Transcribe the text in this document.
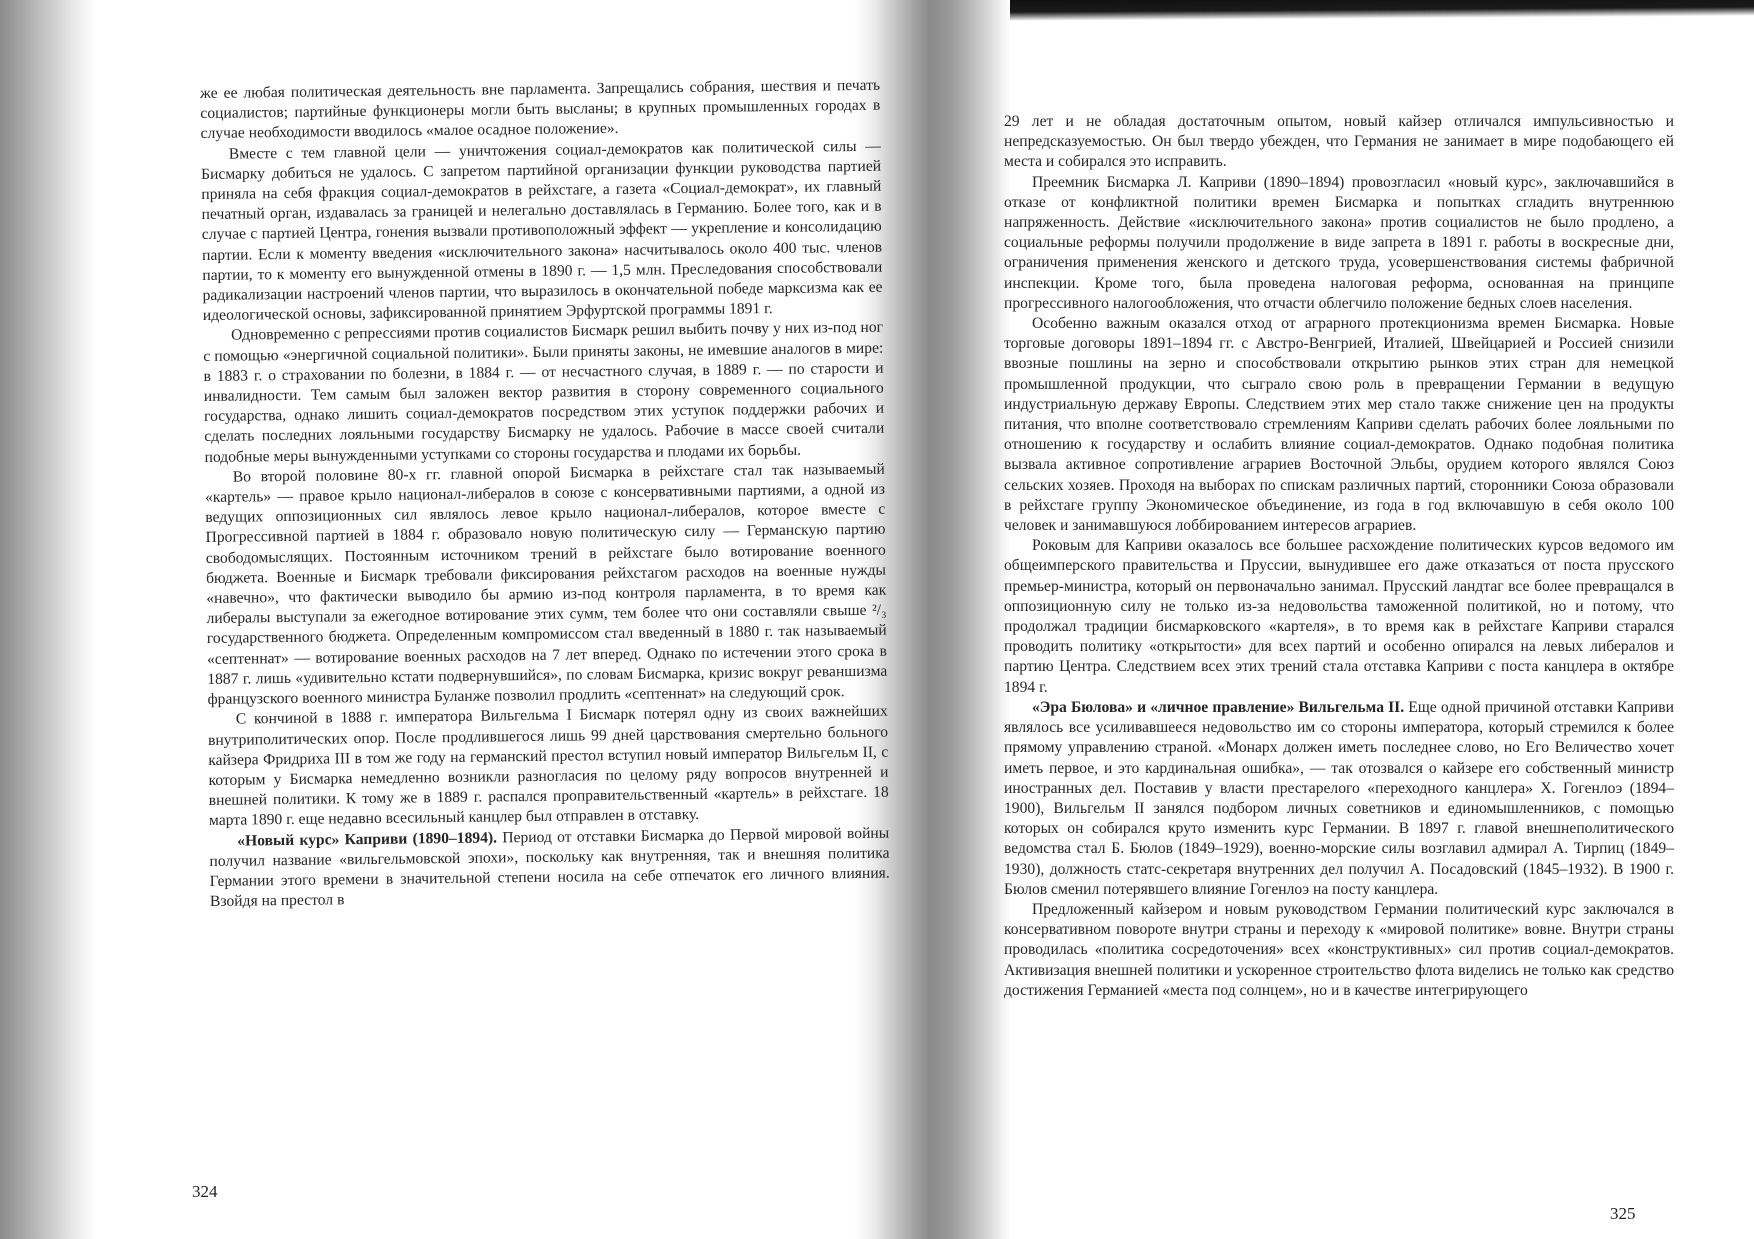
же ее любая политическая деятельность вне парламента. Запрещались собрания, шествия и печать социалистов; партийные функционеры могли быть высланы; в крупных промышленных городах в случае необходимости вводилось «малое осадное положение».

Вместе с тем главной цели — уничтожения социал-демократов как политической силы — Бисмарку добиться не удалось. С запретом партийной организации функции руководства партией приняла на себя фракция социал-демократов в рейхстаге, а газета «Социал-демократ», их главный печатный орган, издавалась за границей и нелегально доставлялась в Германию. Более того, как и в случае с партией Центра, гонения вызвали противоположный эффект — укрепление и консолидацию партии. Если к моменту введения «исключительного закона» насчитывалось около 400 тыс. членов партии, то к моменту его вынужденной отмены в 1890 г. — 1,5 млн. Преследования способствовали радикализации настроений членов партии, что выразилось в окончательной победе марксизма как ее идеологической основы, зафиксированной принятием Эрфуртской программы 1891 г.

Одновременно с репрессиями против социалистов Бисмарк решил выбить почву у них из-под ног с помощью «энергичной социальной политики». Были приняты законы, не имевшие аналогов в мире: в 1883 г. о страховании по болезни, в 1884 г. — от несчастного случая, в 1889 г. — по старости и инвалидности. Тем самым был заложен вектор развития в сторону современного социального государства, однако лишить социал-демократов посредством этих уступок поддержки рабочих и сделать последних лояльными государству Бисмарку не удалось. Рабочие в массе своей считали подобные меры вынужденными уступками со стороны государства и плодами их борьбы.

Во второй половине 80-х гг. главной опорой Бисмарка в рейхстаге стал так называемый «картель» — правое крыло национал-либералов в союзе с консервативными партиями, а одной из ведущих оппозиционных сил являлось левое крыло национал-либералов, которое вместе с Прогрессивной партией в 1884 г. образовало новую политическую силу — Германскую партию свободомыслящих. Постоянным источником трений в рейхстаге было вотирование военного бюджета. Военные и Бисмарк требовали фиксирования рейхстагом расходов на военные нужды «навечно», что фактически выводило бы армию из-под контроля парламента, в то время как либералы выступали за ежегодное вотирование этих сумм, тем более что они составляли свыше ²/₃ государственного бюджета. Определенным компромиссом стал введенный в 1880 г. так называемый «септеннат» — вотирование военных расходов на 7 лет вперед. Однако по истечении этого срока в 1887 г. лишь «удивительно кстати подвернувшийся», по словам Бисмарка, кризис вокруг реваншизма французского военного министра Буланже позволил продлить «септеннат» на следующий срок.

С кончиной в 1888 г. императора Вильгельма I Бисмарк потерял одну из своих важнейших внутриполитических опор. После продлившегося лишь 99 дней царствования смертельно больного кайзера Фридриха III в том же году на германский престол вступил новый император Вильгельм II, с которым у Бисмарка немедленно возникли разногласия по целому ряду вопросов внутренней и внешней политики. К тому же в 1889 г. распался проправительственный «картель» в рейхстаге. 18 марта 1890 г. еще недавно всесильный канцлер был отправлен в отставку.

«Новый курс» Каприви (1890–1894). Период от отставки Бисмарка до Первой мировой войны получил название «вильгельмовской эпохи», поскольку как внутренняя, так и внешняя политика Германии этого времени в значительной степени носила на себе отпечаток его личного влияния. Взойдя на престол в

324

29 лет и не обладая достаточным опытом, новый кайзер отличался импульсивностью и непредсказуемостью. Он был твердо убежден, что Германия не занимает в мире подобающего ей места и собирался это исправить.

Преемник Бисмарка Л. Каприви (1890–1894) провозгласил «новый курс», заключавшийся в отказе от конфликтной политики времен Бисмарка и попытках сгладить внутреннюю напряженность. Действие «исключительного закона» против социалистов не было продлено, а социальные реформы получили продолжение в виде запрета в 1891 г. работы в воскресные дни, ограничения применения женского и детского труда, усовершенствования системы фабричной инспекции. Кроме того, была проведена налоговая реформа, основанная на принципе прогрессивного налогообложения, что отчасти облегчило положение бедных слоев населения.

Особенно важным оказался отход от аграрного протекционизма времен Бисмарка. Новые торговые договоры 1891–1894 гг. с Австро-Венгрией, Италией, Швейцарией и Россией снизили ввозные пошлины на зерно и способствовали открытию рынков этих стран для немецкой промышленной продукции, что сыграло свою роль в превращении Германии в ведущую индустриальную державу Европы. Следствием этих мер стало также снижение цен на продукты питания, что вполне соответствовало стремлениям Каприви сделать рабочих более лояльными по отношению к государству и ослабить влияние социал-демократов. Однако подобная политика вызвала активное сопротивление аграриев Восточной Эльбы, орудием которого являлся Союз сельских хозяев. Проходя на выборах по спискам различных партий, сторонники Союза образовали в рейхстаге группу Экономическое объединение, из года в год включавшую в себя около 100 человек и занимавшуюся лоббированием интересов аграриев.

Роковым для Каприви оказалось все большее расхождение политических курсов ведомого им общеимперского правительства и Пруссии, вынудившее его даже отказаться от поста прусского премьер-министра, который он первоначально занимал. Прусский ландтаг все более превращался в оппозиционную силу не только из-за недовольства таможенной политикой, но и потому, что продолжал традиции бисмарковского «картеля», в то время как в рейхстаге Каприви старался проводить политику «открытости» для всех партий и особенно опирался на левых либералов и партию Центра. Следствием всех этих трений стала отставка Каприви с поста канцлера в октябре 1894 г.

«Эра Бюлова» и «личное правление» Вильгельма II. Еще одной причиной отставки Каприви являлось все усиливавшееся недовольство им со стороны императора, который стремился к более прямому управлению страной. «Монарх должен иметь последнее слово, но Его Величество хочет иметь первое, и это кардинальная ошибка», — так отозвался о кайзере его собственный министр иностранных дел. Поставив у власти престарелого «переходного канцлера» Х. Гогенлоэ (1894–1900), Вильгельм II занялся подбором личных советников и единомышленников, с помощью которых он собирался круто изменить курс Германии. В 1897 г. главой внешнеполитического ведомства стал Б. Бюлов (1849–1929), военно-морские силы возглавил адмирал А. Тирпиц (1849–1930), должность статс-секретаря внутренних дел получил А. Посадовский (1845–1932). В 1900 г. Бюлов сменил потерявшего влияние Гогенлоэ на посту канцлера.

Предложенный кайзером и новым руководством Германии политический курс заключался в консервативном повороте внутри страны и переходу к «мировой политике» вовне. Внутри страны проводилась «политика сосредоточения» всех «конструктивных» сил против социал-демократов. Активизация внешней политики и ускоренное строительство флота виделись не только как средство достижения Германией «места под солнцем», но и в качестве интегрирующего

325
